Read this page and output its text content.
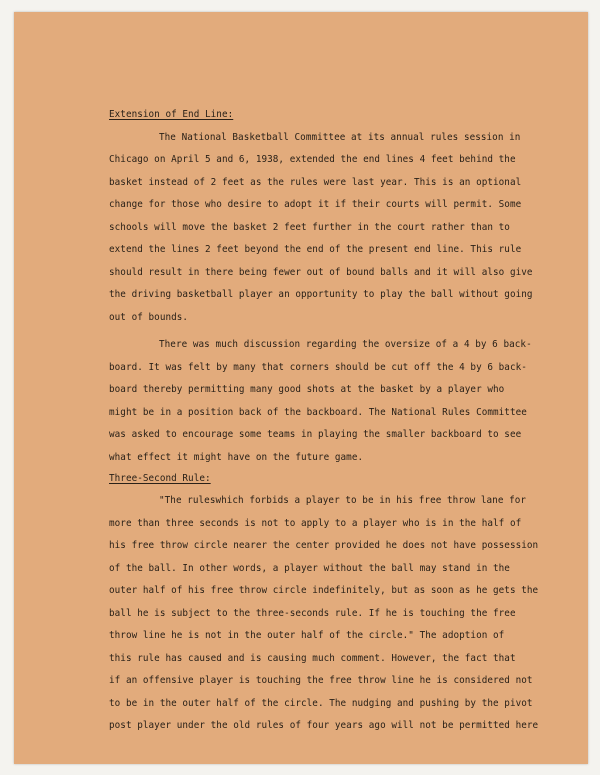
Extension of End Line:
The National Basketball Committee at its annual rules session in
Chicago on April 5 and 6, 1938, extended the end lines 4 feet behind the
basket instead of 2 feet as the rules were last year. This is an optional
change for those who desire to adopt it if their courts will permit. Some
schools will move the basket 2 feet further in the court rather than to
extend the lines 2 feet beyond the end of the present end line. This rule
should result in there being fewer out of bound balls and it will also give
the driving basketball player an opportunity to play the ball without going
out of bounds.
There was much discussion regarding the oversize of a 4 by 6 back-
board. It was felt by many that corners should be cut off the 4 by 6 back-
board thereby permitting many good shots at the basket by a player who
might be in a position back of the backboard. The National Rules Committee
was asked to encourage some teams in playing the smaller backboard to see
what effect it might have on the future game.
Three-Second Rule:
"The ruleswhich forbids a player to be in his free throw lane for
more than three seconds is not to apply to a player who is in the half of
his free throw circle nearer the center provided he does not have possession
of the ball. In other words, a player without the ball may stand in the
outer half of his free throw circle indefinitely, but as soon as he gets the
ball he is subject to the three-seconds rule. If he is touching the free
throw line he is not in the outer half of the circle." The adoption of
this rule has caused and is causing much comment. However, the fact that
if an offensive player is touching the free throw line he is considered not
to be in the outer half of the circle. The nudging and pushing by the pivot
post player under the old rules of four years ago will not be permitted here
